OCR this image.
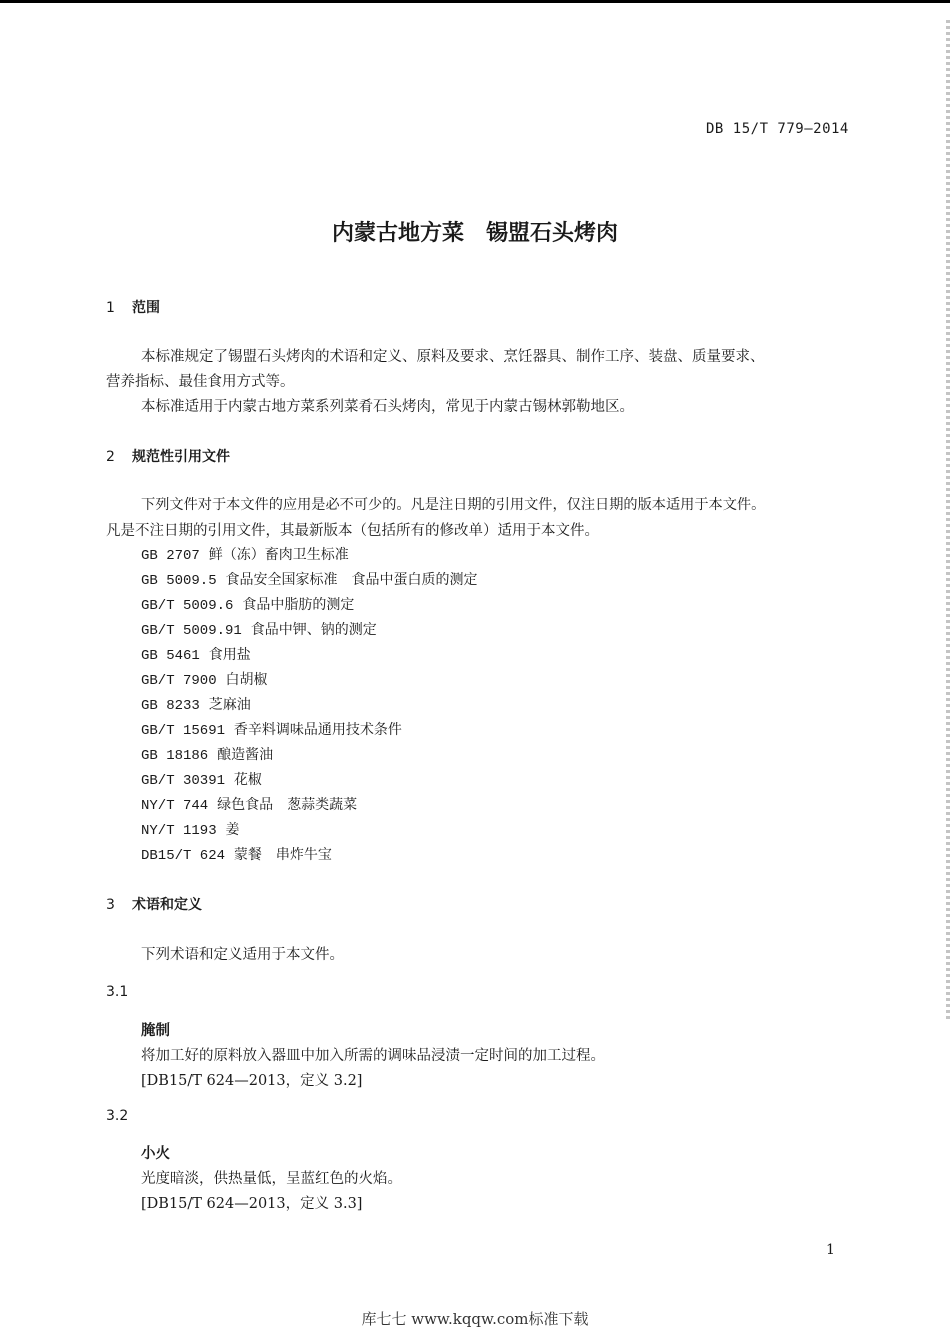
DB 15/T 779—2014
内蒙古地方菜　锡盟石头烤肉
1 范围
本标准规定了锡盟石头烤肉的术语和定义、原料及要求、烹饪器具、制作工序、装盘、质量要求、
营养指标、最佳食用方式等。
本标准适用于内蒙古地方菜系列菜肴石头烤肉，常见于内蒙古锡林郭勒地区。
2 规范性引用文件
下列文件对于本文件的应用是必不可少的。凡是注日期的引用文件，仅注日期的版本适用于本文件。
凡是不注日期的引用文件，其最新版本（包括所有的修改单）适用于本文件。
GB 2707 鲜（冻）畜肉卫生标准
GB 5009.5 食品安全国家标准　食品中蛋白质的测定
GB/T 5009.6 食品中脂肪的测定
GB/T 5009.91 食品中钾、钠的测定
GB 5461 食用盐
GB/T 7900 白胡椒
GB 8233 芝麻油
GB/T 15691 香辛料调味品通用技术条件
GB 18186 酿造酱油
GB/T 30391 花椒
NY/T 744 绿色食品　葱蒜类蔬菜
NY/T 1193 姜
DB15/T 624 蒙餐　串炸牛宝
3 术语和定义
下列术语和定义适用于本文件。
3.1
腌制
将加工好的原料放入器皿中加入所需的调味品浸渍一定时间的加工过程。
[DB15/T 624—2013，定义 3.2]
3.2
小火
光度暗淡，供热量低，呈蓝红色的火焰。
[DB15/T 624—2013，定义 3.3]
1
库七七 www.kqqw.com标准下载
